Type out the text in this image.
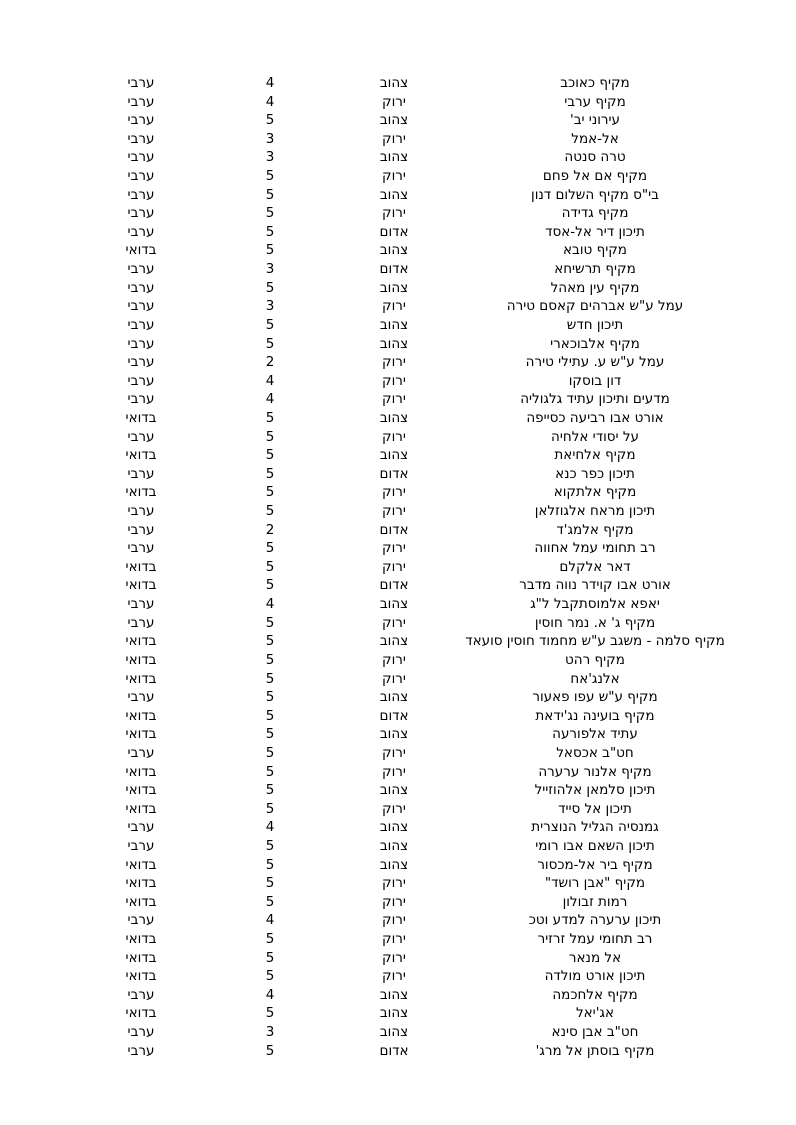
מקיף כאוכב
צהוב
4
ערבי
מקיף ערבי
ירוק
4
ערבי
עירוני יב'
צהוב
5
ערבי
אל-אמל
ירוק
3
ערבי
טרה סנטה
צהוב
3
ערבי
מקיף אם אל פחם
ירוק
5
ערבי
בי"ס מקיף השלום דנון
צהוב
5
ערבי
מקיף גדידה
ירוק
5
ערבי
תיכון דיר אל-אסד
אדום
5
ערבי
מקיף טובא
צהוב
5
בדואי
מקיף תרשיחא
אדום
3
ערבי
מקיף עין מאהל
צהוב
5
ערבי
עמל ע"ש אברהים קאסם טירה
ירוק
3
ערבי
תיכון חדש
צהוב
5
ערבי
מקיף אלבוכארי
צהוב
5
ערבי
עמל ע"ש ע. עתילי טירה
ירוק
2
ערבי
דון בוסקו
ירוק
4
ערבי
מדעים ותיכון עתיד גלגוליה
ירוק
4
ערבי
אורט אבו רביעה כסייפה
צהוב
5
בדואי
על יסודי אלחיה
ירוק
5
ערבי
מקיף אלחיאת
צהוב
5
בדואי
תיכון כפר כנא
אדום
5
ערבי
מקיף אלתקוא
ירוק
5
בדואי
תיכון מראח אלגוזלאן
ירוק
5
ערבי
מקיף אלמג'ד
אדום
2
ערבי
רב תחומי עמל אחווה
ירוק
5
ערבי
דאר אלקלם
ירוק
5
בדואי
אורט אבו קוידר נווה מדבר
אדום
5
בדואי
יאפא אלמוסתקבל ל"ג
צהוב
4
ערבי
מקיף ג' א. נמר חוסין
ירוק
5
ערבי
מקיף סלמה - משגב ע"ש מחמוד חוסין סועאד
צהוב
5
בדואי
מקיף רהט
ירוק
5
בדואי
אלנג'אח
ירוק
5
בדואי
מקיף ע"ש עפו פאעור
צהוב
5
ערבי
מקיף בועינה נג'ידאת
אדום
5
בדואי
עתיד אלפורעה
צהוב
5
בדואי
חט"ב אכסאל
ירוק
5
ערבי
מקיף אלנור ערערה
ירוק
5
בדואי
תיכון סלמאן אלהוזייל
צהוב
5
בדואי
תיכון אל סייד
ירוק
5
בדואי
גמנסיה הגליל הנוצרית
צהוב
4
ערבי
תיכון השאם אבו רומי
צהוב
5
ערבי
מקיף ביר אל-מכסור
צהוב
5
בדואי
מקיף "אבן רושד"
ירוק
5
בדואי
רמות זבולון
ירוק
5
בדואי
תיכון ערערה למדע וטכ
ירוק
4
ערבי
רב תחומי עמל זרזיר
ירוק
5
בדואי
אל מנאר
ירוק
5
בדואי
תיכון אורט מולדה
ירוק
5
בדואי
מקיף אלחכמה
צהוב
4
ערבי
אג'יאל
צהוב
5
בדואי
חט"ב אבן סינא
צהוב
3
ערבי
מקיף בוסתן אל מרג'
אדום
5
ערבי
